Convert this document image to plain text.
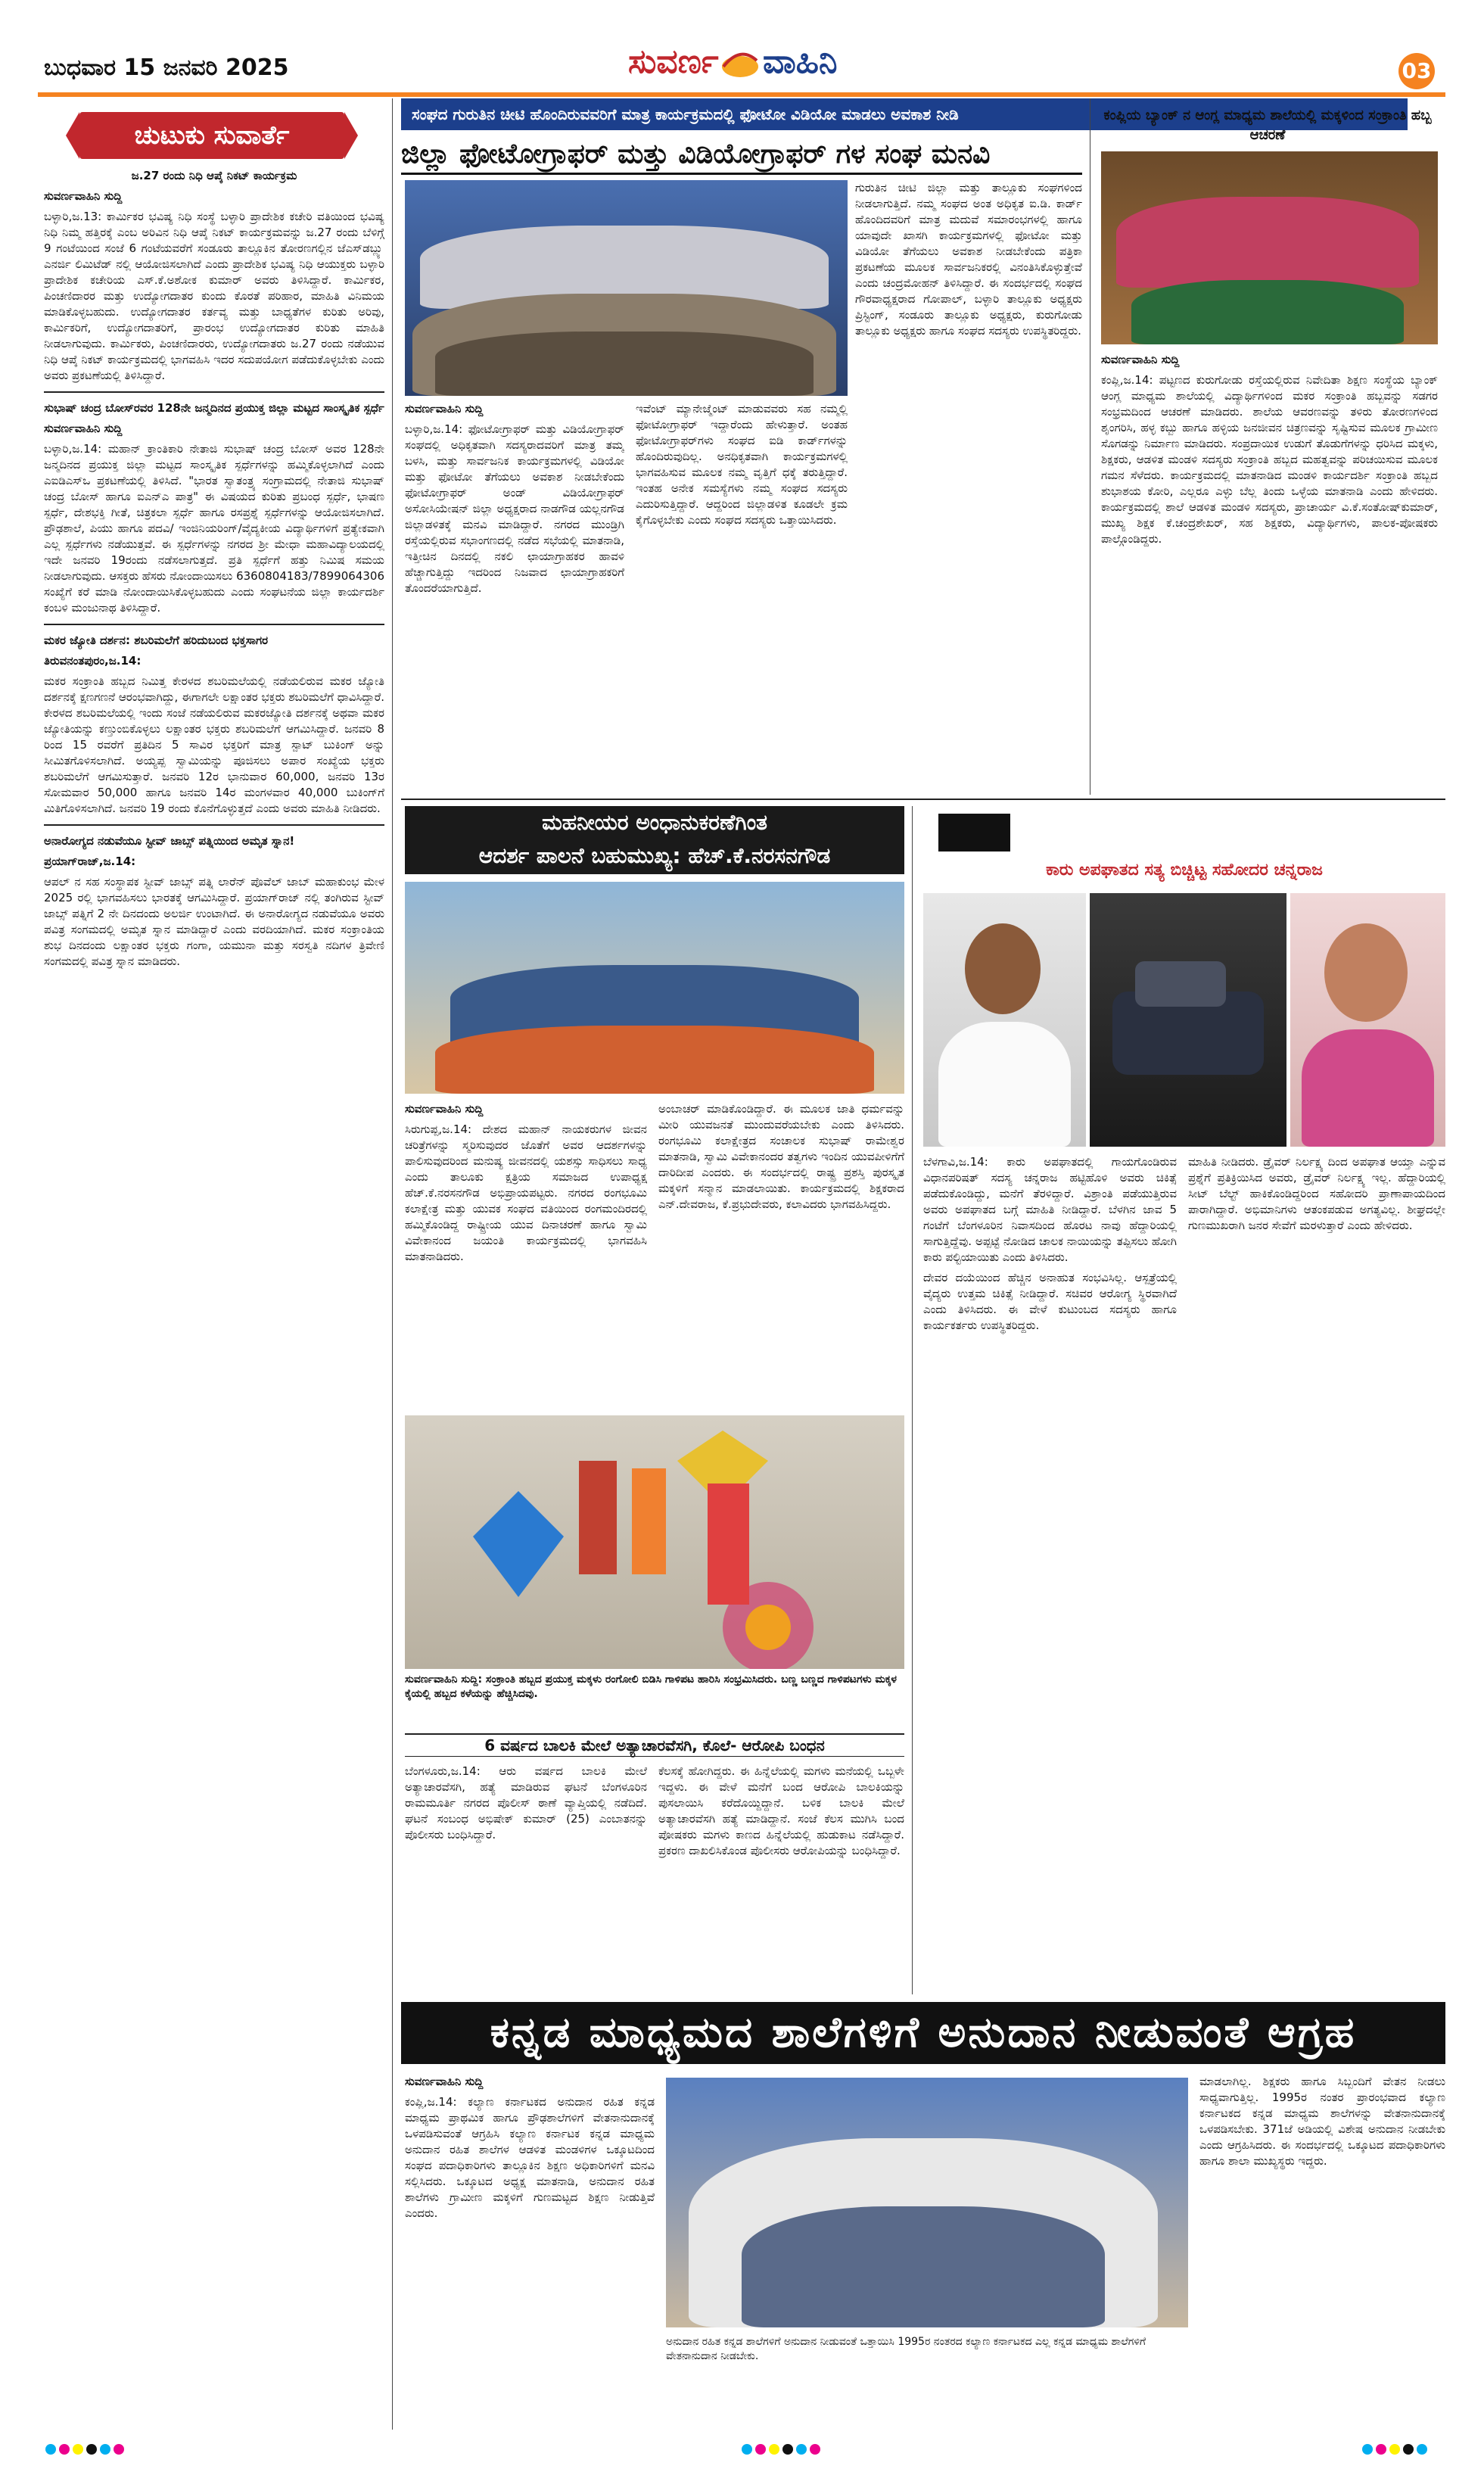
ಬುಧವಾರ 15 ಜನವರಿ 2025	ಸುವರ್ಣ ವಾಹಿನಿ	03
ಚುಟುಕು ಸುವಾರ್ತೆ

ಜ.27 ರಂದು ನಿಧಿ ಆಪ್ಕೆ ನಿಕಟ್ ಕಾರ್ಯಕ್ರಮ

ಸುವರ್ಣವಾಹಿನಿ ಸುದ್ದಿ

ಬಳ್ಳಾರಿ,ಜ.13: ಕಾರ್ಮಿಕರ ಭವಿಷ್ಯ ನಿಧಿ ಸಂಸ್ಥೆ ಬಳ್ಳಾರಿ ಪ್ರಾದೇಶಿಕ ಕಚೇರಿ ವತಿಯಿಂದ ಭವಿಷ್ಯ ನಿಧಿ ನಿಮ್ಮ ಹತ್ತಿರಕ್ಕೆ ಎಂಬ ಅರಿವಿನ ನಿಧಿ ಆಪ್ಕೆ ನಿಕಟ್ ಕಾರ್ಯಕ್ರಮವನ್ನು ಜ.27 ರಂದು ಬೆಳಿಗ್ಗೆ 9 ಗಂಟೆಯಿಂದ ಸಂಜೆ 6 ಗಂಟೆಯವರೆಗೆ ಸಂಡೂರು ತಾಲ್ಲೂಕಿನ ತೋರಣಗಲ್ಲಿನ ಜೆಎಸ್‌ಡಬ್ಲ್ಯು ಎನರ್ಜಿ ಲಿಮಿಟೆಡ್ ನಲ್ಲಿ ಆಯೋಜಿಸಲಾಗಿದೆ ಎಂದು ಪ್ರಾದೇಶಿಕ ಭವಿಷ್ಯ ನಿಧಿ ಆಯುಕ್ತರು ಬಳ್ಳಾರಿ ಪ್ರಾದೇಶಿಕ ಕಚೇರಿಯ ಎಸ್.ಕೆ.ಅಶೋಕ ಕುಮಾರ್ ಅವರು ತಿಳಿಸಿದ್ದಾರೆ. ಕಾರ್ಮಿಕರ, ಪಿಂಚಣಿದಾರರ ಮತ್ತು ಉದ್ಯೋಗದಾತರ ಕುಂದು ಕೊರತೆ ಪರಿಹಾರ, ಮಾಹಿತಿ ವಿನಿಮಯ ಮಾಡಿಕೊಳ್ಳಬಹುದು. ಉದ್ಯೋಗದಾತರ ಕರ್ತವ್ಯ ಮತ್ತು ಬಾಧ್ಯತೆಗಳ ಕುರಿತು ಅರಿವು, ಕಾರ್ಮಿಕರಿಗೆ, ಉದ್ಯೋಗದಾತರಿಗೆ, ಪ್ರಾರಂಭ ಉದ್ಯೋಗದಾತರ ಕುರಿತು ಮಾಹಿತಿ ನೀಡಲಾಗುವುದು. ಕಾರ್ಮಿಕರು, ಪಿಂಚಣಿದಾರರು, ಉದ್ಯೋಗದಾತರು ಜ.27 ರಂದು ನಡೆಯುವ ನಿಧಿ ಆಪ್ಕೆ ನಿಕಟ್ ಕಾರ್ಯಕ್ರಮದಲ್ಲಿ ಭಾಗವಹಿಸಿ ಇದರ ಸದುಪಯೋಗ ಪಡೆದುಕೊಳ್ಳಬೇಕು ಎಂದು ಅವರು ಪ್ರಕಟಣೆಯಲ್ಲಿ ತಿಳಿಸಿದ್ದಾರೆ.

ಸುಭಾಷ್ ಚಂದ್ರ ಬೋಸ್‌ರವರ 128ನೇ ಜನ್ಮದಿನದ ಪ್ರಯುಕ್ತ ಜಿಲ್ಲಾ ಮಟ್ಟದ ಸಾಂಸ್ಕೃತಿಕ ಸ್ಪರ್ಧೆ

ಸುವರ್ಣವಾಹಿನಿ ಸುದ್ದಿ

ಬಳ್ಳಾರಿ,ಜ.14: ಮಹಾನ್ ಕ್ರಾಂತಿಕಾರಿ ನೇತಾಜಿ ಸುಭಾಷ್ ಚಂದ್ರ ಬೋಸ್ ಅವರ 128ನೇ ಜನ್ಮದಿನದ ಪ್ರಯುಕ್ತ ಜಿಲ್ಲಾ ಮಟ್ಟದ ಸಾಂಸ್ಕೃತಿಕ ಸ್ಪರ್ಧೆಗಳನ್ನು ಹಮ್ಮಿಕೊಳ್ಳಲಾಗಿದೆ ಎಂದು ಎಐಡಿಎಸ್‌ಒ ಪ್ರಕಟಣೆಯಲ್ಲಿ ತಿಳಿಸಿದೆ. "ಭಾರತ ಸ್ವಾತಂತ್ರ್ಯ ಸಂಗ್ರಾಮದಲ್ಲಿ ನೇತಾಜಿ ಸುಭಾಷ್ ಚಂದ್ರ ಬೋಸ್ ಹಾಗೂ ಐಎನ್‌ಎ ಪಾತ್ರ" ಈ ವಿಷಯದ ಕುರಿತು ಪ್ರಬಂಧ ಸ್ಪರ್ಧೆ, ಭಾಷಣ ಸ್ಪರ್ಧೆ, ದೇಶಭಕ್ತಿ ಗೀತೆ, ಚಿತ್ರಕಲಾ ಸ್ಪರ್ಧೆ ಹಾಗೂ ರಸಪ್ರಶ್ನೆ ಸ್ಪರ್ಧೆಗಳನ್ನು ಆಯೋಜಿಸಲಾಗಿದೆ. ಪ್ರೌಢಶಾಲೆ, ಪಿಯು ಹಾಗೂ ಪದವಿ/ ಇಂಜಿನಿಯರಿಂಗ್/ವೈದ್ಯಕೀಯ ವಿದ್ಯಾರ್ಥಿಗಳಿಗೆ ಪ್ರತ್ಯೇಕವಾಗಿ ಎಲ್ಲ ಸ್ಪರ್ಧೆಗಳು ನಡೆಯುತ್ತವೆ. ಈ ಸ್ಪರ್ಧೆಗಳನ್ನು ನಗರದ ಶ್ರೀ ಮೇಧಾ ಮಹಾವಿದ್ಯಾಲಯದಲ್ಲಿ ಇದೇ ಜನವರಿ 19ರಂದು ನಡೆಸಲಾಗುತ್ತದೆ. ಪ್ರತಿ ಸ್ಪರ್ಧೆಗೆ ಹತ್ತು ನಿಮಿಷ ಸಮಯ ನೀಡಲಾಗುವುದು. ಆಸಕ್ತರು ಹೆಸರು ನೋಂದಾಯಿಸಲು 6360804183/7899064306 ಸಂಖ್ಯೆಗೆ ಕರೆ ಮಾಡಿ ನೋಂದಾಯಿಸಿಕೊಳ್ಳಬಹುದು ಎಂದು ಸಂಘಟನೆಯ ಜಿಲ್ಲಾ ಕಾರ್ಯದರ್ಶಿ ಕಂಬಳಿ ಮಂಜುನಾಥ ತಿಳಿಸಿದ್ದಾರೆ.

ಮಕರ ಜ್ಯೋತಿ ದರ್ಶನ: ಶಬರಿಮಲೆಗೆ ಹರಿದುಬಂದ ಭಕ್ತಸಾಗರ

ತಿರುವನಂತಪುರಂ,ಜ.14:

ಮಕರ ಸಂಕ್ರಾಂತಿ ಹಬ್ಬದ ನಿಮಿತ್ತ ಕೇರಳದ ಶಬರಿಮಲೆಯಲ್ಲಿ ನಡೆಯಲಿರುವ ಮಕರ ಜ್ಯೋತಿ ದರ್ಶನಕ್ಕೆ ಕ್ಷಣಗಣನೆ ಆರಂಭವಾಗಿದ್ದು, ಈಗಾಗಲೇ ಲಕ್ಷಾಂತರ ಭಕ್ತರು ಶಬರಿಮಲೆಗೆ ಧಾವಿಸಿದ್ದಾರೆ. ಕೇರಳದ ಶಬರಿಮಲೆಯಲ್ಲಿ ಇಂದು ಸಂಜೆ ನಡೆಯಲಿರುವ ಮಕರಜ್ಯೋತಿ ದರ್ಶನಕ್ಕೆ ಅಥವಾ ಮಕರ ಜ್ಯೋತಿಯನ್ನು ಕಣ್ತುಂಬಿಕೊಳ್ಳಲು ಲಕ್ಷಾಂತರ ಭಕ್ತರು ಶಬರಿಮಲೆಗೆ ಆಗಮಿಸಿದ್ದಾರೆ. ಜನವರಿ 8 ರಿಂದ 15 ರವರೆಗೆ ಪ್ರತಿದಿನ 5 ಸಾವಿರ ಭಕ್ತರಿಗೆ ಮಾತ್ರ ಸ್ಪಾಟ್ ಬುಕಿಂಗ್ ಅನ್ನು ಸೀಮಿತಗೊಳಿಸಲಾಗಿದೆ. ಅಯ್ಯಪ್ಪ ಸ್ವಾಮಿಯನ್ನು ಪೂಜಿಸಲು ಅಪಾರ ಸಂಖ್ಯೆಯ ಭಕ್ತರು ಶಬರಿಮಲೆಗೆ ಆಗಮಿಸುತ್ತಾರೆ. ಜನವರಿ 12ರ ಭಾನುವಾರ 60,000, ಜನವರಿ 13ರ ಸೋಮವಾರ 50,000 ಹಾಗೂ ಜನವರಿ 14ರ ಮಂಗಳವಾರ 40,000 ಬುಕಿಂಗ್‌ಗೆ ಮಿತಿಗೊಳಿಸಲಾಗಿದೆ. ಜನವರಿ 19 ರಂದು ಕೊನೆಗೊಳ್ಳುತ್ತದೆ ಎಂದು ಅವರು ಮಾಹಿತಿ ನೀಡಿದರು.

ಅನಾರೋಗ್ಯದ ನಡುವೆಯೂ ಸ್ಟೀವ್ ಜಾಬ್ಸ್ ಪತ್ನಿಯಿಂದ ಅಮೃತ ಸ್ನಾನ!

ಪ್ರಯಾಗ್‌ರಾಜ್,ಜ.14:

ಆಪಲ್ ನ ಸಹ ಸಂಸ್ಥಾಪಕ ಸ್ಟೀವ್ ಜಾಬ್ಸ್ ಪತ್ನಿ ಲಾರೆನ್ ಪೊವೆಲ್ ಜಾಬ್ ಮಹಾಕುಂಭ ಮೇಳ 2025 ರಲ್ಲಿ ಭಾಗವಹಿಸಲು ಭಾರತಕ್ಕೆ ಆಗಮಿಸಿದ್ದಾರೆ. ಪ್ರಯಾಗ್‌ರಾಜ್ ನಲ್ಲಿ ತಂಗಿರುವ ಸ್ಟೀವ್ ಜಾಬ್ಸ್ ಪತ್ನಿಗೆ 2 ನೇ ದಿನದಂದು ಅಲರ್ಜಿ ಉಂಟಾಗಿದೆ. ಈ ಅನಾರೋಗ್ಯದ ನಡುವೆಯೂ ಅವರು ಪವಿತ್ರ ಸಂಗಮದಲ್ಲಿ ಅಮೃತ ಸ್ನಾನ ಮಾಡಿದ್ದಾರೆ ಎಂದು ವರದಿಯಾಗಿದೆ. ಮಕರ ಸಂಕ್ರಾಂತಿಯ ಶುಭ ದಿನದಂದು ಲಕ್ಷಾಂತರ ಭಕ್ತರು ಗಂಗಾ, ಯಮುನಾ ಮತ್ತು ಸರಸ್ವತಿ ನದಿಗಳ ತ್ರಿವೇಣಿ ಸಂಗಮದಲ್ಲಿ ಪವಿತ್ರ ಸ್ನಾನ ಮಾಡಿದರು.

ಸಂಘದ ಗುರುತಿನ ಚೀಟಿ ಹೊಂದಿರುವವರಿಗೆ ಮಾತ್ರ ಕಾರ್ಯಕ್ರಮದಲ್ಲಿ ಫೋಟೋ ವಿಡಿಯೋ ಮಾಡಲು ಅವಕಾಶ ನೀಡಿ
ಜಿಲ್ಲಾ ಫೋಟೋಗ್ರಾಫರ್ ಮತ್ತು ವಿಡಿಯೋಗ್ರಾಫರ್ ಗಳ ಸಂಘ ಮನವಿ

ಸುವರ್ಣವಾಹಿನಿ ಸುದ್ದಿ

ಬಳ್ಳಾರಿ,ಜ.14: ಫೋಟೋಗ್ರಾಫರ್ ಮತ್ತು ವಿಡಿಯೋಗ್ರಾಫರ್ ಸಂಘದಲ್ಲಿ ಅಧಿಕೃತವಾಗಿ ಸದಸ್ಯರಾದವರಿಗೆ ಮಾತ್ರ ತಮ್ಮ ಬಳಸಿ, ಮತ್ತು ಸಾರ್ವಜನಿಕ ಕಾರ್ಯಕ್ರಮಗಳಲ್ಲಿ ವಿಡಿಯೋ ಮತ್ತು ಫೋಟೋ ತೆಗೆಯಲು ಅವಕಾಶ ನೀಡಬೇಕೆಂದು ಫೋಟೋಗ್ರಾಫರ್ ಅಂಡ್ ವಿಡಿಯೋಗ್ರಾಫರ್ ಅಸೋಸಿಯೇಷನ್ ಜಿಲ್ಲಾ ಅಧ್ಯಕ್ಷರಾದ ನಾಡಗೌಡ ಯಲ್ಲನಗೌಡ ಜಿಲ್ಲಾಡಳಿತಕ್ಕೆ ಮನವಿ ಮಾಡಿದ್ದಾರೆ. ನಗರದ ಮುಂಡ್ರಿಗಿ ರಸ್ತೆಯಲ್ಲಿರುವ ಸಭಾಂಗಣದಲ್ಲಿ ನಡೆದ ಸಭೆಯಲ್ಲಿ ಮಾತನಾಡಿ, ಇತ್ತೀಚಿನ ದಿನದಲ್ಲಿ ನಕಲಿ ಛಾಯಾಗ್ರಾಹಕರ ಹಾವಳಿ ಹೆಚ್ಚಾಗುತ್ತಿದ್ದು ಇದರಿಂದ ನಿಜವಾದ ಛಾಯಾಗ್ರಾಹಕರಿಗೆ ತೊಂದರೆಯಾಗುತ್ತಿದೆ.

ಇವೆಂಟ್ ಮ್ಯಾನೇಜ್ಮೆಂಟ್ ಮಾಡುವವರು ಸಹ ನಮ್ಮಲ್ಲಿ ಫೋಟೋಗ್ರಾಫರ್ ಇದ್ದಾರೆಂದು ಹೇಳುತ್ತಾರೆ. ಅಂತಹ ಫೋಟೋಗ್ರಾಫರ್‌ಗಳು ಸಂಘದ ಐಡಿ ಕಾರ್ಡ್‌ಗಳನ್ನು ಹೊಂದಿರುವುದಿಲ್ಲ. ಅನಧಿಕೃತವಾಗಿ ಕಾರ್ಯಕ್ರಮಗಳಲ್ಲಿ ಭಾಗವಹಿಸುವ ಮೂಲಕ ನಮ್ಮ ವೃತ್ತಿಗೆ ಧಕ್ಕೆ ತರುತ್ತಿದ್ದಾರೆ. ಇಂತಹ ಅನೇಕ ಸಮಸ್ಯೆಗಳು ನಮ್ಮ ಸಂಘದ ಸದಸ್ಯರು ಎದುರಿಸುತ್ತಿದ್ದಾರೆ. ಆದ್ದರಿಂದ ಜಿಲ್ಲಾಡಳಿತ ಕೂಡಲೇ ಕ್ರಮ ಕೈಗೊಳ್ಳಬೇಕು ಎಂದು ಸಂಘದ ಸದಸ್ಯರು ಒತ್ತಾಯಿಸಿದರು.

ಗುರುತಿನ ಚೀಟಿ ಜಿಲ್ಲಾ ಮತ್ತು ತಾಲ್ಲೂಕು ಸಂಘಗಳಿಂದ ನೀಡಲಾಗುತ್ತಿದೆ. ನಮ್ಮ ಸಂಘದ ಅಂತ ಅಧಿಕೃತ ಐ.ಡಿ. ಕಾರ್ಡ್ ಹೊಂದಿದವರಿಗೆ ಮಾತ್ರ ಮದುವೆ ಸಮಾರಂಭಗಳಲ್ಲಿ ಹಾಗೂ ಯಾವುದೇ ಖಾಸಗಿ ಕಾರ್ಯಕ್ರಮಗಳಲ್ಲಿ ಫೋಟೋ ಮತ್ತು ವಿಡಿಯೋ ತೆಗೆಯಲು ಅವಕಾಶ ನೀಡಬೇಕೆಂದು ಪತ್ರಿಕಾ ಪ್ರಕಟಣೆಯ ಮೂಲಕ ಸಾರ್ವಜನಿಕರಲ್ಲಿ ವಿನಂತಿಸಿಕೊಳ್ಳುತ್ತೇವೆ ಎಂದು ಚಂದ್ರಮೋಹನ್ ತಿಳಿಸಿದ್ದಾರೆ. ಈ ಸಂದರ್ಭದಲ್ಲಿ ಸಂಘದ ಗೌರವಾಧ್ಯಕ್ಷರಾದ ಗೋಪಾಲ್, ಬಳ್ಳಾರಿ ತಾಲ್ಲೂಕು ಅಧ್ಯಕ್ಷರು ಪ್ರಿಸ್ಟಿಂಗ್, ಸಂಡೂರು ತಾಲ್ಲೂಕು ಅಧ್ಯಕ್ಷರು, ಕುರುಗೋಡು ತಾಲ್ಲೂಕು ಅಧ್ಯಕ್ಷರು ಹಾಗೂ ಸಂಘದ ಸದಸ್ಯರು ಉಪಸ್ಥಿತರಿದ್ದರು.

ಕಂಪ್ಲಿಯ ಬ್ಯಾಂಕ್ ನ ಆಂಗ್ಲ ಮಾಧ್ಯಮ ಶಾಲೆಯಲ್ಲಿ ಮಕ್ಕಳಿಂದ ಸಂಕ್ರಾಂತಿ ಹಬ್ಬ ಆಚರಣೆ

ಸುವರ್ಣವಾಹಿನಿ ಸುದ್ದಿ

ಕಂಪ್ಲಿ,ಜ.14: ಪಟ್ಟಣದ ಕುರುಗೋಡು ರಸ್ತೆಯಲ್ಲಿರುವ ನಿವೇದಿತಾ ಶಿಕ್ಷಣ ಸಂಸ್ಥೆಯ ಬ್ಯಾಂಕ್ ಆಂಗ್ಲ ಮಾಧ್ಯಮ ಶಾಲೆಯಲ್ಲಿ ವಿದ್ಯಾರ್ಥಿಗಳಿಂದ ಮಕರ ಸಂಕ್ರಾಂತಿ ಹಬ್ಬವನ್ನು ಸಡಗರ ಸಂಭ್ರಮದಿಂದ ಆಚರಣೆ ಮಾಡಿದರು. ಶಾಲೆಯ ಆವರಣವನ್ನು ತಳಿರು ತೋರಣಗಳಿಂದ ಶೃಂಗರಿಸಿ, ಹಳ್ಳ ಕಬ್ಬು ಹಾಗೂ ಹಳ್ಳಿಯ ಜನಜೀವನ ಚಿತ್ರಣವನ್ನು ಸೃಷ್ಟಿಸುವ ಮೂಲಕ ಗ್ರಾಮೀಣ ಸೊಗಡನ್ನು ನಿರ್ಮಾಣ ಮಾಡಿದರು. ಸಂಪ್ರದಾಯಿಕ ಉಡುಗೆ ತೊಡುಗೆಗಳನ್ನು ಧರಿಸಿದ ಮಕ್ಕಳು, ಶಿಕ್ಷಕರು, ಆಡಳಿತ ಮಂಡಳಿ ಸದಸ್ಯರು ಸಂಕ್ರಾಂತಿ ಹಬ್ಬದ ಮಹತ್ವವನ್ನು ಪರಿಚಯಿಸುವ ಮೂಲಕ ಗಮನ ಸೆಳೆದರು. ಕಾರ್ಯಕ್ರಮದಲ್ಲಿ ಮಾತನಾಡಿದ ಮಂಡಳಿ ಕಾರ್ಯದರ್ಶಿ ಸಂಕ್ರಾಂತಿ ಹಬ್ಬದ ಶುಭಾಶಯ ಕೋರಿ, ಎಲ್ಲರೂ ಎಳ್ಳು ಬೆಲ್ಲ ತಿಂದು ಒಳ್ಳೆಯ ಮಾತನಾಡಿ ಎಂದು ಹೇಳಿದರು. ಕಾರ್ಯಕ್ರಮದಲ್ಲಿ ಶಾಲೆ ಆಡಳಿತ ಮಂಡಳಿ ಸದಸ್ಯರು, ಪ್ರಾಚಾರ್ಯ ವಿ.ಕೆ.ಸಂತೋಷ್‌ಕುಮಾರ್, ಮುಖ್ಯ ಶಿಕ್ಷಕ ಕೆ.ಚಂದ್ರಶೇಖರ್, ಸಹ ಶಿಕ್ಷಕರು, ವಿದ್ಯಾರ್ಥಿಗಳು, ಪಾಲಕ-ಪೋಷಕರು ಪಾಲ್ಗೊಂಡಿದ್ದರು.

ಮಹನೀಯರ ಅಂಧಾನುಕರಣೆಗಿಂತ
ಆದರ್ಶ ಪಾಲನೆ ಬಹುಮುಖ್ಯ: ಹೆಚ್.ಕೆ.ನರಸನಗೌಡ

ಸುವರ್ಣವಾಹಿನಿ ಸುದ್ದಿ

ಸಿರುಗುಪ್ಪ,ಜ.14: ದೇಶದ ಮಹಾನ್ ನಾಯಕರುಗಳ ಜೀವನ ಚರಿತ್ರೆಗಳನ್ನು ಸ್ಮರಿಸುವುದರ ಜೊತೆಗೆ ಅವರ ಆದರ್ಶಗಳನ್ನು ಪಾಲಿಸುವುದರಿಂದ ಮನುಷ್ಯ ಜೀವನದಲ್ಲಿ ಯಶಸ್ಸು ಸಾಧಿಸಲು ಸಾಧ್ಯ ಎಂದು ತಾಲೂಕು ಕ್ಷತ್ರಿಯ ಸಮಾಜದ ಉಪಾಧ್ಯಕ್ಷ ಹೆಚ್.ಕೆ.ನರಸನಗೌಡ ಅಭಿಪ್ರಾಯಪಟ್ಟರು. ನಗರದ ರಂಗಭೂಮಿ ಕಲಾಕ್ಷೇತ್ರ ಮತ್ತು ಯುವಕ ಸಂಘದ ವತಿಯಿಂದ ರಂಗಮಂದಿರದಲ್ಲಿ ಹಮ್ಮಿಕೊಂಡಿದ್ದ ರಾಷ್ಟ್ರೀಯ ಯುವ ದಿನಾಚರಣೆ ಹಾಗೂ ಸ್ವಾಮಿ ವಿವೇಕಾನಂದ ಜಯಂತಿ ಕಾರ್ಯಕ್ರಮದಲ್ಲಿ ಭಾಗವಹಿಸಿ ಮಾತನಾಡಿದರು.

ಅಂಬಾಚರ್ ಮಾಡಿಕೊಂಡಿದ್ದಾರೆ. ಈ ಮೂಲಕ ಜಾತಿ ಧರ್ಮವನ್ನು ಮೀರಿ ಯುವಜನತೆ ಮುಂದುವರೆಯಬೇಕು ಎಂದು ತಿಳಿಸಿದರು. ರಂಗಭೂಮಿ ಕಲಾಕ್ಷೇತ್ರದ ಸಂಚಾಲಕ ಸುಭಾಷ್ ರಾಮೇಶ್ವರ ಮಾತನಾಡಿ, ಸ್ವಾಮಿ ವಿವೇಕಾನಂದರ ತತ್ವಗಳು ಇಂದಿನ ಯುವಪೀಳಿಗೆಗೆ ದಾರಿದೀಪ ಎಂದರು. ಈ ಸಂದರ್ಭದಲ್ಲಿ ರಾಷ್ಟ್ರ ಪ್ರಶಸ್ತಿ ಪುರಸ್ಕೃತ ಮಕ್ಕಳಿಗೆ ಸನ್ಮಾನ ಮಾಡಲಾಯಿತು. ಕಾರ್ಯಕ್ರಮದಲ್ಲಿ ಶಿಕ್ಷಕರಾದ ಎನ್.ದೇವರಾಜ, ಕೆ.ಪ್ರಭುದೇವರು, ಕಲಾವಿದರು ಭಾಗವಹಿಸಿದ್ದರು.

ಸುವರ್ಣವಾಹಿನಿ ಸುದ್ದಿ: ಸಂಕ್ರಾಂತಿ ಹಬ್ಬದ ಪ್ರಯುಕ್ತ ಮಕ್ಕಳು ರಂಗೋಲಿ ಬಿಡಿಸಿ ಗಾಳಿಪಟ ಹಾರಿಸಿ ಸಂಭ್ರಮಿಸಿದರು. ಬಣ್ಣ ಬಣ್ಣದ ಗಾಳಿಪಟಗಳು ಮಕ್ಕಳ ಕೈಯಲ್ಲಿ ಹಬ್ಬದ ಕಳೆಯನ್ನು ಹೆಚ್ಚಿಸಿದವು.
6 ವರ್ಷದ ಬಾಲಕಿ ಮೇಲೆ ಅತ್ಯಾಚಾರವೆಸಗಿ, ಕೊಲೆ- ಆರೋಪಿ ಬಂಧನ

ಬೆಂಗಳೂರು,ಜ.14: ಆರು ವರ್ಷದ ಬಾಲಕಿ ಮೇಲೆ ಅತ್ಯಾಚಾರವೆಸಗಿ, ಹತ್ಯೆ ಮಾಡಿರುವ ಘಟನೆ ಬೆಂಗಳೂರಿನ ರಾಮಮೂರ್ತಿ ನಗರದ ಪೊಲೀಸ್ ಠಾಣೆ ವ್ಯಾಪ್ತಿಯಲ್ಲಿ ನಡೆದಿದೆ. ಘಟನೆ ಸಂಬಂಧ ಅಭಿಷೇಕ್ ಕುಮಾರ್ (25) ಎಂಬಾತನನ್ನು ಪೊಲೀಸರು ಬಂಧಿಸಿದ್ದಾರೆ.

ಕೆಲಸಕ್ಕೆ ಹೋಗಿದ್ದರು. ಈ ಹಿನ್ನೆಲೆಯಲ್ಲಿ ಮಗಳು ಮನೆಯಲ್ಲಿ ಒಬ್ಬಳೇ ಇದ್ದಳು. ಈ ವೇಳೆ ಮನೆಗೆ ಬಂದ ಆರೋಪಿ ಬಾಲಕಿಯನ್ನು ಪುಸಲಾಯಿಸಿ ಕರೆದೊಯ್ದಿದ್ದಾನೆ. ಬಳಿಕ ಬಾಲಕಿ ಮೇಲೆ ಅತ್ಯಾಚಾರವೆಸಗಿ ಹತ್ಯೆ ಮಾಡಿದ್ದಾನೆ. ಸಂಜೆ ಕೆಲಸ ಮುಗಿಸಿ ಬಂದ ಪೋಷಕರು ಮಗಳು ಕಾಣದ ಹಿನ್ನೆಲೆಯಲ್ಲಿ ಹುಡುಕಾಟ ನಡೆಸಿದ್ದಾರೆ. ಪ್ರಕರಣ ದಾಖಲಿಸಿಕೊಂಡ ಪೊಲೀಸರು ಆರೋಪಿಯನ್ನು ಬಂಧಿಸಿದ್ದಾರೆ.

ಕಾರು ಅಪಘಾತದ ಸತ್ಯ ಬಿಚ್ಚಿಟ್ಟ ಸಹೋದರ ಚನ್ನರಾಜ

ಬೆಳಗಾವಿ,ಜ.14: ಕಾರು ಅಪಘಾತದಲ್ಲಿ ಗಾಯಗೊಂಡಿರುವ ವಿಧಾನಪರಿಷತ್ ಸದಸ್ಯ ಚನ್ನರಾಜ ಹಟ್ಟಿಹೊಳಿ ಅವರು ಚಿಕಿತ್ಸೆ ಪಡೆದುಕೊಂಡಿದ್ದು, ಮನೆಗೆ ತೆರಳಿದ್ದಾರೆ. ವಿಶ್ರಾಂತಿ ಪಡೆಯುತ್ತಿರುವ ಅವರು ಅಪಘಾತದ ಬಗ್ಗೆ ಮಾಹಿತಿ ನೀಡಿದ್ದಾರೆ. ಬೆಳಗಿನ ಜಾವ 5 ಗಂಟೆಗೆ ಬೆಂಗಳೂರಿನ ನಿವಾಸದಿಂದ ಹೊರಟ ನಾವು ಹೆದ್ದಾರಿಯಲ್ಲಿ ಸಾಗುತ್ತಿದ್ದೆವು. ಅಪ್ಪಟ್ಟೆ ನೋಡಿದ ಚಾಲಕ ನಾಯಿಯನ್ನು ತಪ್ಪಿಸಲು ಹೋಗಿ ಕಾರು ಪಲ್ಟಿಯಾಯಿತು ಎಂದು ತಿಳಿಸಿದರು.

ದೇವರ ದಯೆಯಿಂದ ಹೆಚ್ಚಿನ ಅನಾಹುತ ಸಂಭವಿಸಿಲ್ಲ. ಆಸ್ಪತ್ರೆಯಲ್ಲಿ ವೈದ್ಯರು ಉತ್ತಮ ಚಿಕಿತ್ಸೆ ನೀಡಿದ್ದಾರೆ. ಸಚಿವರ ಆರೋಗ್ಯ ಸ್ಥಿರವಾಗಿದೆ ಎಂದು ತಿಳಿಸಿದರು. ಈ ವೇಳೆ ಕುಟುಂಬದ ಸದಸ್ಯರು ಹಾಗೂ ಕಾರ್ಯಕರ್ತರು ಉಪಸ್ಥಿತರಿದ್ದರು.

ಮಾಹಿತಿ ನೀಡಿದರು. ಡ್ರೈವರ್ ನಿರ್ಲಕ್ಷ್ಯ ದಿಂದ ಅಪಘಾತ ಆಯ್ತಾ ಎನ್ನುವ ಪ್ರಶ್ನೆಗೆ ಪ್ರತಿಕ್ರಿಯಿಸಿದ ಅವರು, ಡ್ರೈವರ್ ನಿರ್ಲಕ್ಷ್ಯ ಇಲ್ಲ. ಹೆದ್ದಾರಿಯಲ್ಲಿ ಸೀಟ್ ಬೆಲ್ಟ್ ಹಾಕಿಕೊಂಡಿದ್ದರಿಂದ ಸಹೋದರಿ ಪ್ರಾಣಾಪಾಯದಿಂದ ಪಾರಾಗಿದ್ದಾರೆ. ಅಭಿಮಾನಿಗಳು ಆತಂಕಪಡುವ ಅಗತ್ಯವಿಲ್ಲ. ಶೀಘ್ರದಲ್ಲೇ ಗುಣಮುಖರಾಗಿ ಜನರ ಸೇವೆಗೆ ಮರಳುತ್ತಾರೆ ಎಂದು ಹೇಳಿದರು.

ಕನ್ನಡ ಮಾಧ್ಯಮದ ಶಾಲೆಗಳಿಗೆ ಅನುದಾನ ನೀಡುವಂತೆ ಆಗ್ರಹ

ಸುವರ್ಣವಾಹಿನಿ ಸುದ್ದಿ

ಕಂಪ್ಲಿ,ಜ.14: ಕಲ್ಯಾಣ ಕರ್ನಾಟಕದ ಅನುದಾನ ರಹಿತ ಕನ್ನಡ ಮಾಧ್ಯಮ ಪ್ರಾಥಮಿಕ ಹಾಗೂ ಪ್ರೌಢಶಾಲೆಗಳಿಗೆ ವೇತನಾನುದಾನಕ್ಕೆ ಒಳಪಡಿಸುವಂತೆ ಆಗ್ರಹಿಸಿ ಕಲ್ಯಾಣ ಕರ್ನಾಟಕ ಕನ್ನಡ ಮಾಧ್ಯಮ ಅನುದಾನ ರಹಿತ ಶಾಲೆಗಳ ಆಡಳಿತ ಮಂಡಳಿಗಳ ಒಕ್ಕೂಟದಿಂದ ಸಂಘದ ಪದಾಧಿಕಾರಿಗಳು ತಾಲ್ಲೂಕಿನ ಶಿಕ್ಷಣ ಅಧಿಕಾರಿಗಳಿಗೆ ಮನವಿ ಸಲ್ಲಿಸಿದರು. ಒಕ್ಕೂಟದ ಅಧ್ಯಕ್ಷ ಮಾತನಾಡಿ, ಅನುದಾನ ರಹಿತ ಶಾಲೆಗಳು ಗ್ರಾಮೀಣ ಮಕ್ಕಳಿಗೆ ಗುಣಮಟ್ಟದ ಶಿಕ್ಷಣ ನೀಡುತ್ತಿವೆ ಎಂದರು.

ಅನುದಾನ ರಹಿತ ಕನ್ನಡ ಶಾಲೆಗಳಿಗೆ ಅನುದಾನ ನೀಡುವಂತೆ ಒತ್ತಾಯಿಸಿ 1995ರ ನಂತರದ ಕಲ್ಯಾಣ ಕರ್ನಾಟಕದ ಎಲ್ಲ ಕನ್ನಡ ಮಾಧ್ಯಮ ಶಾಲೆಗಳಿಗೆ ವೇತನಾನುದಾನ ನೀಡಬೇಕು.

ಮಾಡಲಾಗಿಲ್ಲ. ಶಿಕ್ಷಕರು ಹಾಗೂ ಸಿಬ್ಬಂದಿಗೆ ವೇತನ ನೀಡಲು ಸಾಧ್ಯವಾಗುತ್ತಿಲ್ಲ. 1995ರ ನಂತರ ಪ್ರಾರಂಭವಾದ ಕಲ್ಯಾಣ ಕರ್ನಾಟಕದ ಕನ್ನಡ ಮಾಧ್ಯಮ ಶಾಲೆಗಳನ್ನು ವೇತನಾನುದಾನಕ್ಕೆ ಒಳಪಡಿಸಬೇಕು. 371ಜೆ ಅಡಿಯಲ್ಲಿ ವಿಶೇಷ ಅನುದಾನ ನೀಡಬೇಕು ಎಂದು ಆಗ್ರಹಿಸಿದರು. ಈ ಸಂದರ್ಭದಲ್ಲಿ ಒಕ್ಕೂಟದ ಪದಾಧಿಕಾರಿಗಳು ಹಾಗೂ ಶಾಲಾ ಮುಖ್ಯಸ್ಥರು ಇದ್ದರು.
